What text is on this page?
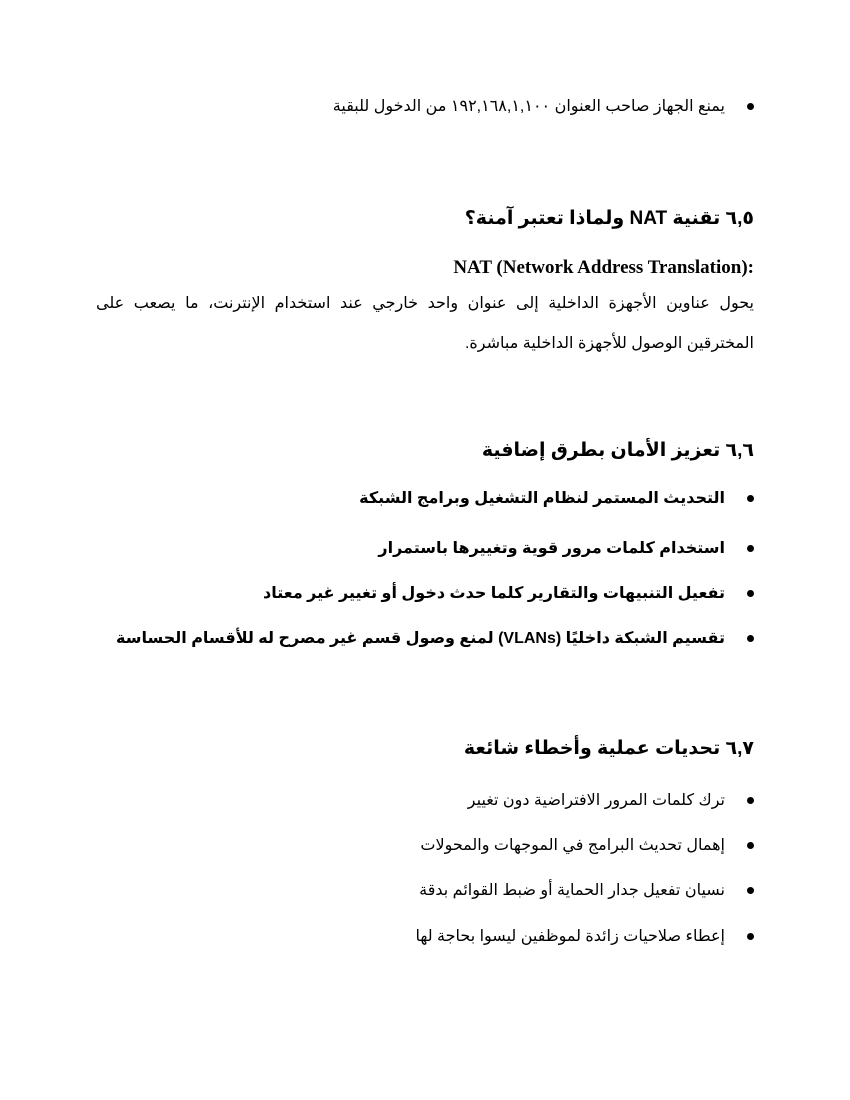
يمنع الجهاز صاحب العنوان ١٩٢,١٦٨,١,١٠٠ من الدخول للبقية
٦,٥ تقنية NAT ولماذا تعتبر آمنة؟
NAT (Network Address Translation):
يحول عناوين الأجهزة الداخلية إلى عنوان واحد خارجي عند استخدام الإنترنت، ما يصعب على
المخترقين الوصول للأجهزة الداخلية مباشرة.
٦,٦ تعزيز الأمان بطرق إضافية
التحديث المستمر لنظام التشغيل وبرامج الشبكة
استخدام كلمات مرور قوية وتغييرها باستمرار
تفعيل التنبيهات والتقارير كلما حدث دخول أو تغيير غير معتاد
تقسيم الشبكة داخليًا (VLANs) لمنع وصول قسم غير مصرح له للأقسام الحساسة
٦,٧ تحديات عملية وأخطاء شائعة
ترك كلمات المرور الافتراضية دون تغيير
إهمال تحديث البرامج في الموجهات والمحولات
نسيان تفعيل جدار الحماية أو ضبط القوائم بدقة
إعطاء صلاحيات زائدة لموظفين ليسوا بحاجة لها
